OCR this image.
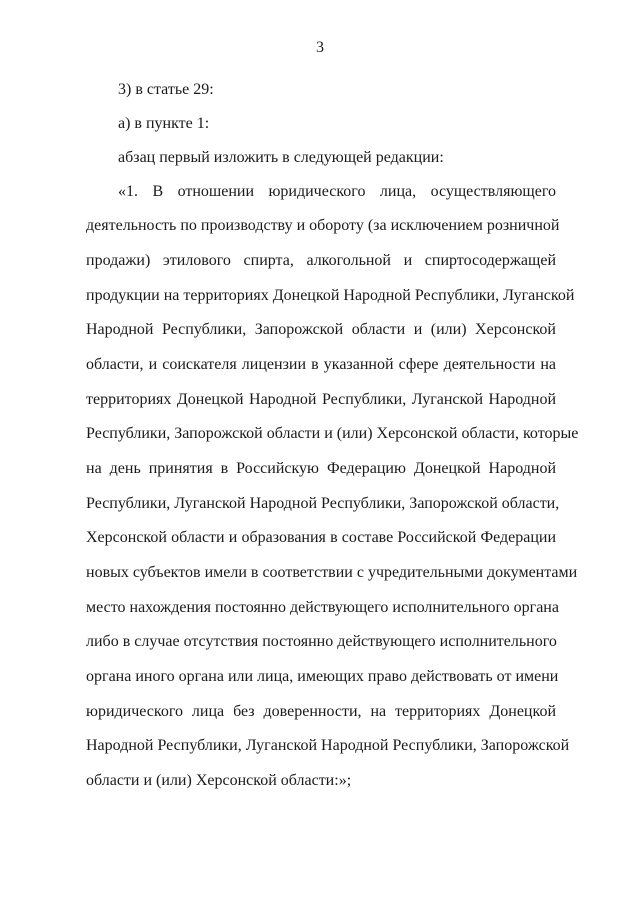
3
3) в статье 29:
а) в пункте 1:
абзац первый изложить в следующей редакции:
«1. В отношении юридического лица, осуществляющего
деятельность по производству и обороту (за исключением розничной
продажи) этилового спирта, алкогольной и спиртосодержащей
продукции на территориях Донецкой Народной Республики, Луганской
Народной Республики, Запорожской области и (или) Херсонской
области, и соискателя лицензии в указанной сфере деятельности на
территориях Донецкой Народной Республики, Луганской Народной
Республики, Запорожской области и (или) Херсонской области, которые
на день принятия в Российскую Федерацию Донецкой Народной
Республики, Луганской Народной Республики, Запорожской области,
Херсонской области и образования в составе Российской Федерации
новых субъектов имели в соответствии с учредительными документами
место нахождения постоянно действующего исполнительного органа
либо в случае отсутствия постоянно действующего исполнительного
органа иного органа или лица, имеющих право действовать от имени
юридического лица без доверенности, на территориях Донецкой
Народной Республики, Луганской Народной Республики, Запорожской
области и (или) Херсонской области:»;
